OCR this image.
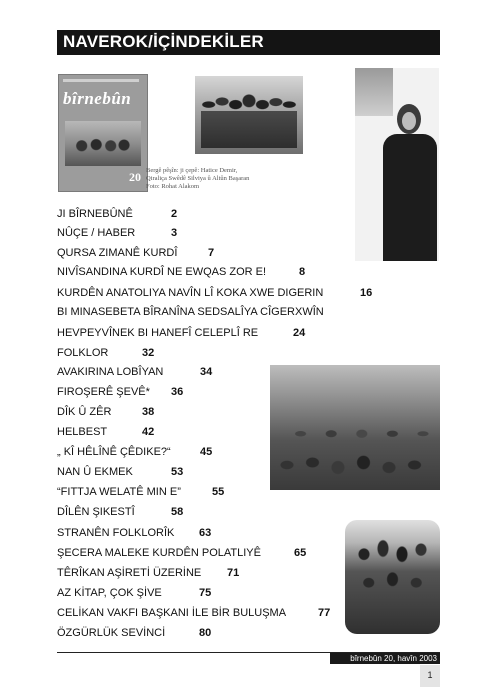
NAVEROK/İÇİNDEKİLER
bîrnebûn
20 Bergê pêşîn: ji çepê: Hatice Demir,
Qiraliça Swêdê Silviya û Altûn Başaran
Foto: Rohat Alakom
JI BÎRNEBÛNÊ	2
NÛÇE / HABER	3
QURSA ZIMANÊ KURDÎ	7
NIVÎSANDINA KURDÎ NE EWQAS ZOR E!	8
KURDÊN ANATOLIYA NAVÎN LÎ KOKA XWE DIGERIN	16
BI MINASEBETA BÎRANÎNA SEDSALÎYA CÎGERXWÎN
HEVPEYVÎNEK BI HANEFÎ CELEPLÎ RE	24
FOLKLOR	32
AVAKIRINA LOBÎYAN	34
FIROŞERÊ ŞEVÊ* 36
DÎK Û ZÊR	38
HELBEST	42
„ KÎ HÊLÎNÊ ÇÊDIKE?“	45
NAN Û EKMEK	53
“FITTJA WELATÊ MIN E”	55
DÎLÊN ŞIKESTÎ	58
STRANÊN FOLKLORÎK 63
ŞECERA MALEKE KURDÊN POLATLIYÊ	65
TÊRÎKAN AŞİRETİ ÜZERİNE 71
AZ KİTAP, ÇOK ŞİVE	75
CELİKAN VAKFI BAŞKANI İLE BİR BULUŞMA	77
ÖZGÜRLÜK SEVİNCİ	80
bîrnebûn 20, havîn 2003
1
